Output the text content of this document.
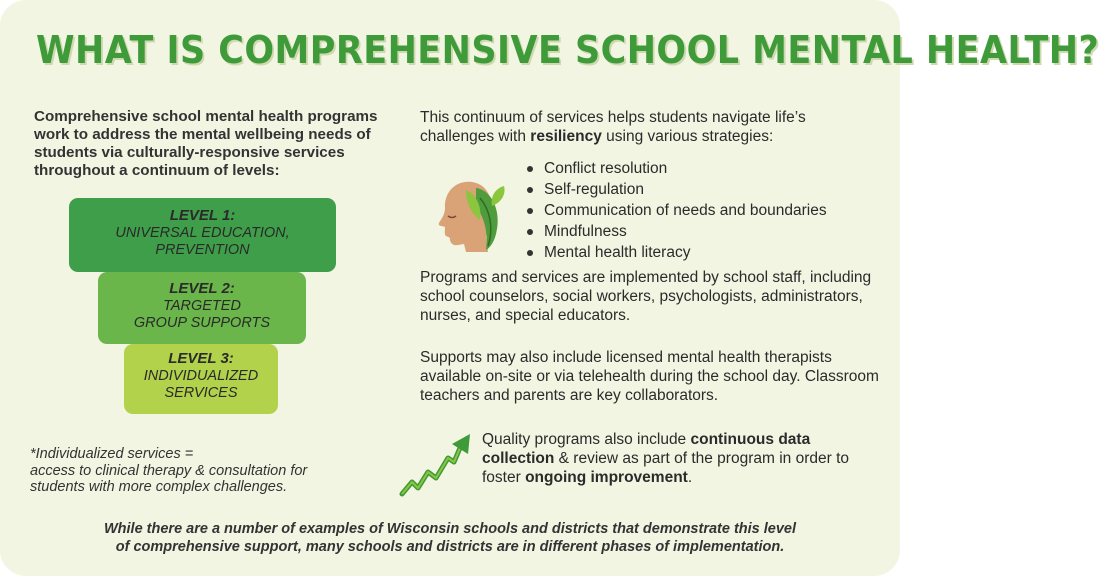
WHAT IS COMPREHENSIVE SCHOOL MENTAL HEALTH?

Comprehensive school mental health programs work to address the mental wellbeing needs of students via culturally-responsive services throughout a continuum of levels:

LEVEL 1:
UNIVERSAL EDUCATION,
PREVENTION
LEVEL 2:
TARGETED
GROUP SUPPORTS
LEVEL 3:
INDIVIDUALIZED
SERVICES

*Individualized services =
access to clinical therapy & consultation for
students with more complex challenges.

This continuum of services helps students navigate life’s challenges with resiliency using various strategies:

Conflict resolution
Self-regulation
Communication of needs and boundaries
Mindfulness
Mental health literacy

Programs and services are implemented by school staff, including school counselors, social workers, psychologists, administrators, nurses, and special educators.

Supports may also include licensed mental health therapists available on-site or via telehealth during the school day. Classroom teachers and parents are key collaborators.

Quality programs also include continuous data collection & review as part of the program in order to foster ongoing improvement.

While there are a number of examples of Wisconsin schools and districts that demonstrate this level
of comprehensive support, many schools and districts are in different phases of implementation.
